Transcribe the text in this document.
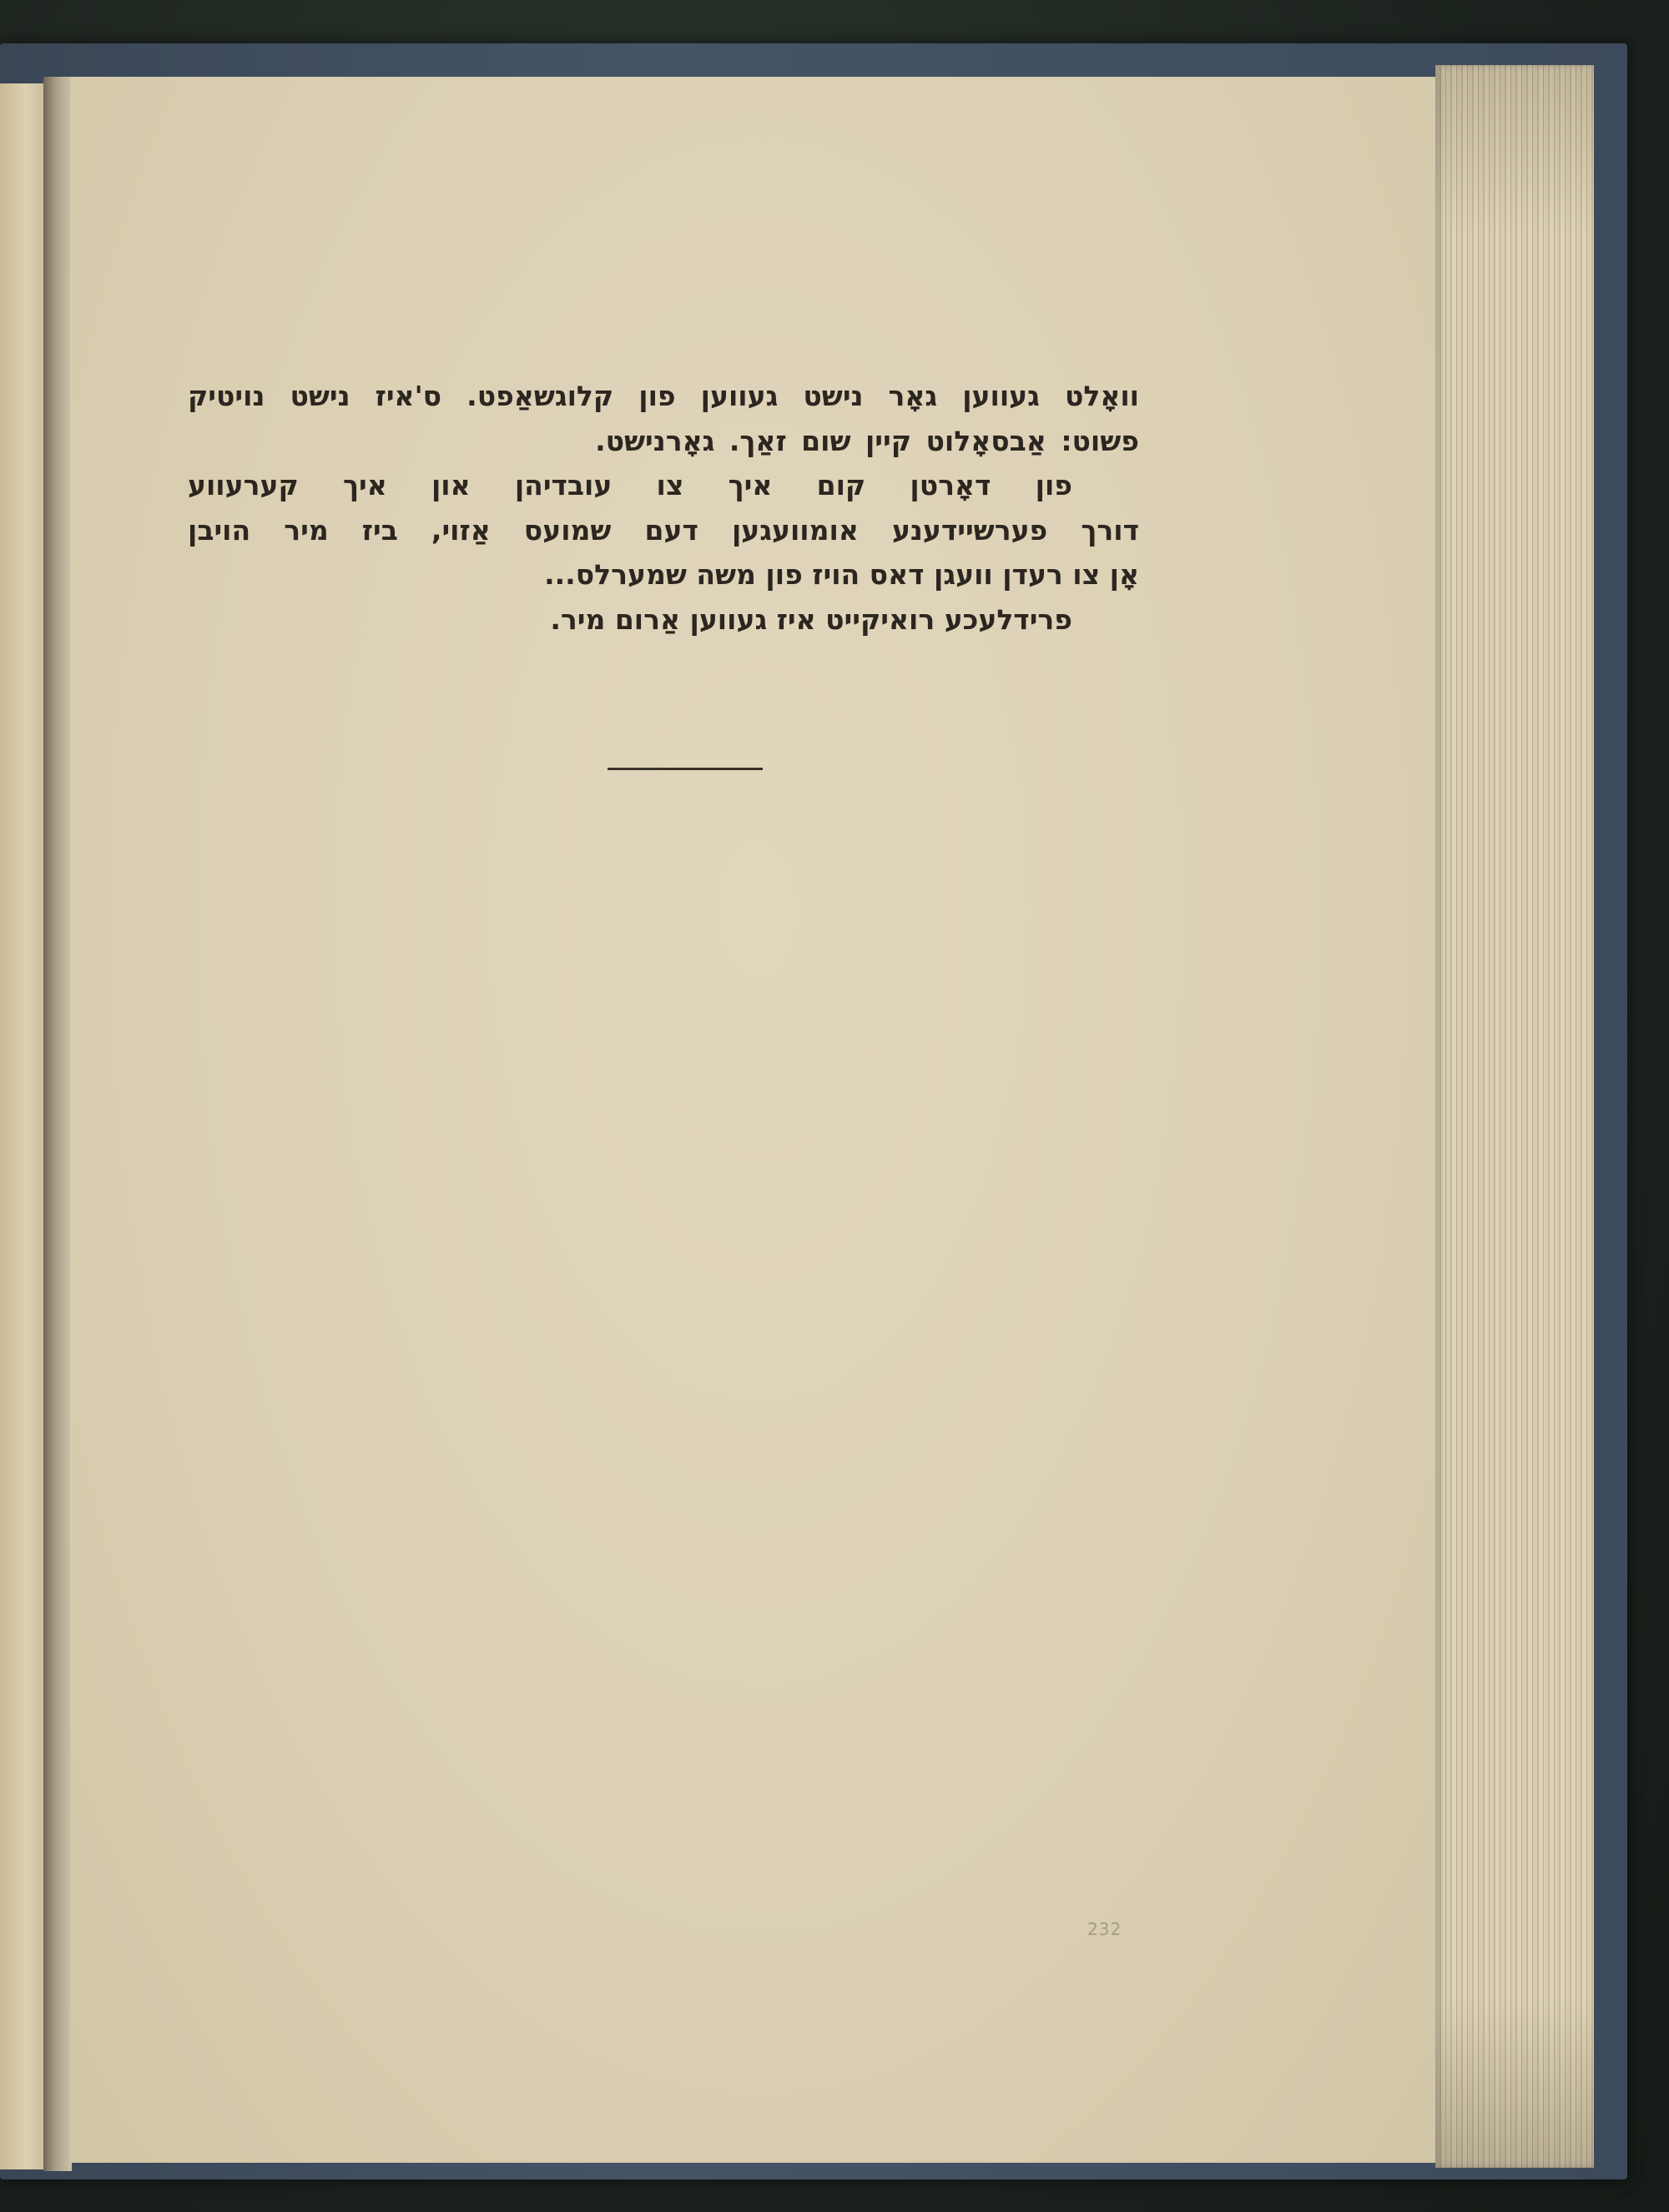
וואָלט געווען גאָר נישט געווען פון קלוגשאַפט. ס'איז נישט נויטיק
פשוט: אַבסאָלוט קיין שום זאַך. גאָרנישט.
פון דאָרטן קום איך צו עובדיהן און איך קערעווע
דורך פערשיידענע אומוועגען דעם שמועס אַזוי, ביז מיר הויבן
אָן צו רעדן וועגן דאס הויז פון משה שמערלס...
פרידלעכע רואיקייט איז געווען אַרום מיר.
232
